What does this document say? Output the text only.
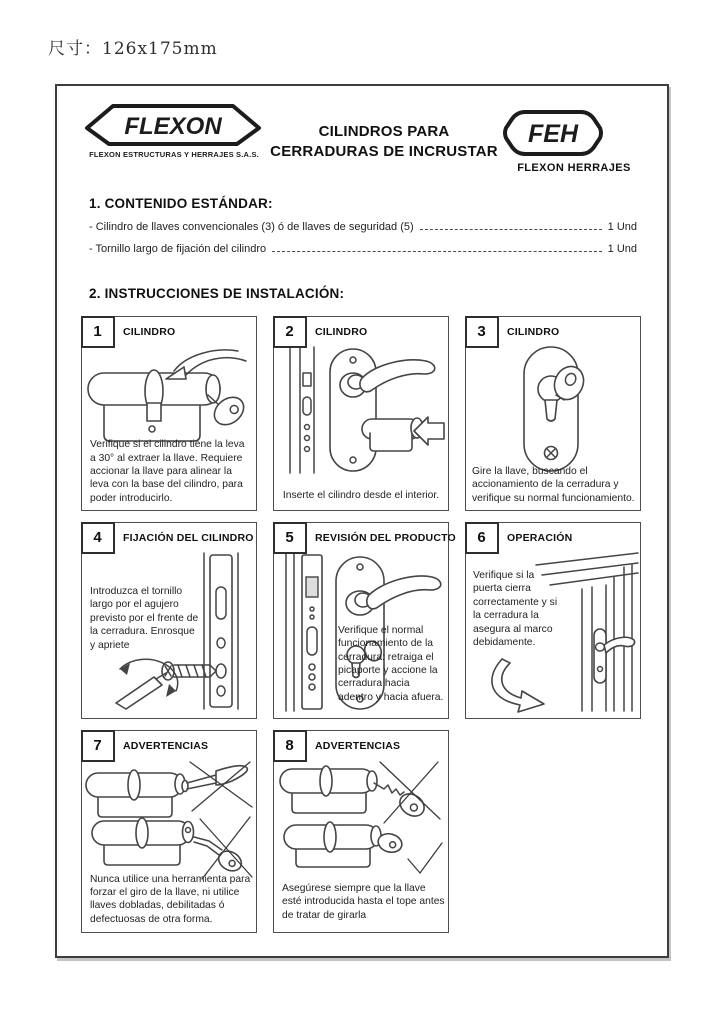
尺寸：126x175mm
FLEXON
FLEXON ESTRUCTURAS Y HERRAJES S.A.S.
CILINDROS PARA
CERRADURAS DE INCRUSTAR
FEH
FLEXON HERRAJES
1. CONTENIDO ESTÁNDAR:
- Cilindro de llaves convencionales (3) ó de llaves de seguridad (5)	1 Und
- Tornillo largo de fijación del cilindro	1 Und
2. INSTRUCCIONES DE INSTALACIÓN:
1	CILINDRO
Verifique si el cilindro tiene la leva a 30° al extraer la llave. Requiere accionar la llave para alinear la leva con la base del cilindro, para poder introducirlo.
2	CILINDRO
Inserte el cilindro desde el interior.
3	CILINDRO
Gire la llave, buscando el accionamiento de la cerradura y verifique su normal funcionamiento.
4	FIJACIÓN DEL CILINDRO
Introduzca el tornillo largo por el agujero previsto por el frente de la cerradura. Enrosque y apriete
5	REVISIÓN DEL PRODUCTO
Verifique el normal funcionamiento de la cerradura: retraiga el picaporte y accione la cerradura hacia adentro y hacia afuera.
6	OPERACIÓN
Verifique si la puerta cierra correctamente y si la cerradura la asegura al marco debidamente.
7	ADVERTENCIAS
Nunca utilice una herramienta para forzar el giro de la llave, ni utilice llaves dobladas, debilitadas ó defectuosas de otra forma.
8	ADVERTENCIAS
Asegúrese siempre que la llave esté introducida hasta el tope antes de tratar de girarla
